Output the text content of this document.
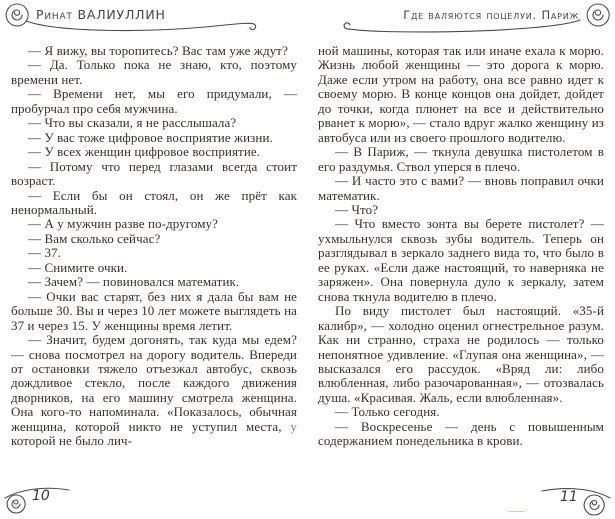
Ринат ВАЛИУЛЛИН	Где валяются поцелуи. Париж

— Я вижу, вы торопитесь? Вас там уже ждут?

— Да. Только пока не знаю, кто, поэтому времени нет.

— Времени нет, мы его придумали, — пробурчал про себя мужчина.

— Что вы сказали, я не расслышала?

— У вас тоже цифровое восприятие жизни.

— У всех женщин цифровое восприятие.

— Потому что перед глазами всегда стоит возраст.

— Если бы он стоял, он же прёт как ненормальный.

— А у мужчин разве по-другому?

— Вам сколько сейчас?

— 37.

— Снимите очки.

— Зачем? — повиновался математик.

— Очки вас старят, без них я дала бы вам не больше 30. Вы и через 10 лет можете выглядеть на 37 и через 15. У женщины время летит.

— Значит, будем догонять, так куда мы едем? — снова посмотрел на дорогу водитель. Впереди от остановки тяжело отъезжал автобус, сквозь дождливое стекло, после каждого движения дворников, на его машину смотрела женщина. Она кого-то напоминала. «Показалось, обычная женщина, которой никто не уступил места, у которой не было лич-

ной машины, которая так или иначе ехала к морю. Жизнь любой женщины — это дорога к морю. Даже если утром на работу, она все равно идет к своему морю. В конце концов она дойдет, дойдет до точки, когда плюнет на все и действительно рванет к морю», — стало вдруг жалко женщину из автобуса или из своего прошлого водителю.

— В Париж, — ткнула девушка пистолетом в его раздумья. Ствол уперся в плечо.

— И часто это с вами? — вновь поправил очки математик.

— Что?

— Что вместо зонта вы берете пистолет? — ухмыльнулся сквозь зубы водитель. Теперь он разглядывал в зеркало заднего вида то, что было в ее руках. «Если даже настоящий, то наверняка не заряжен». Она повернула дуло к зеркалу, затем снова ткнула водителю в плечо.

По виду пистолет был настоящий. «35-й калибр», — холодно оценил огнестрельное разум. Как ни странно, страха не родилось — только непонятное удивление. «Глупая она женщина», — высказался его рассудок. «Вряд ли: либо влюбленная, либо разочарованная», — отозвалась душа. «Красивая. Жаль, если влюбленная».

— Только сегодня.

— Воскресенье — день с повышенным содержанием понедельника в крови.

10	11
